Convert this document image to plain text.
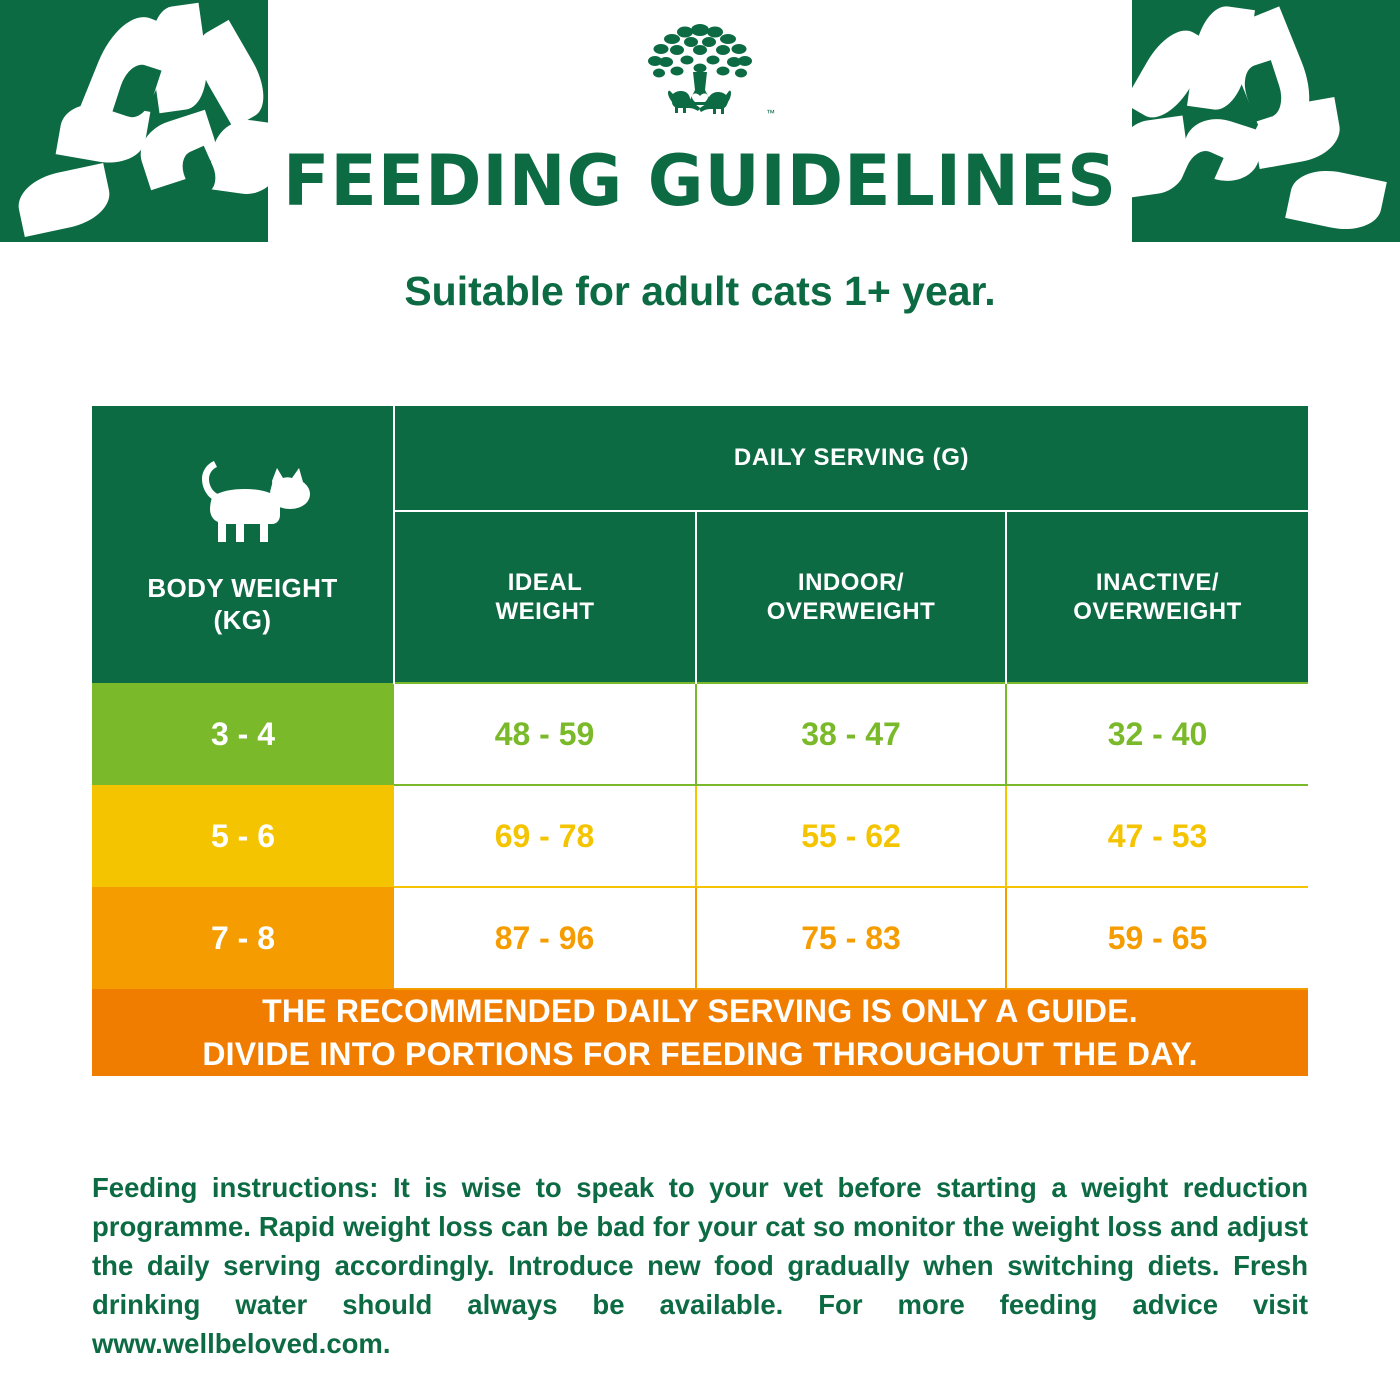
™
FEEDING GUIDELINES
Suitable for adult cats 1+ year.
BODY WEIGHT
(KG)	DAILY SERVING (G)		

IDEAL
WEIGHT

INDOOR/
OVERWEIGHT

INACTIVE/
OVERWEIGHT

3 - 4	48 - 59	38 - 47	32 - 40
5 - 6	69 - 78	55 - 62	47 - 53
7 - 8	87 - 96	75 - 83	59 - 65

THE RECOMMENDED DAILY SERVING IS ONLY A GUIDE.
DIVIDE INTO PORTIONS FOR FEEDING THROUGHOUT THE DAY.			
Feeding instructions: It is wise to speak to your vet before starting a weight reduction programme. Rapid weight loss can be bad for your cat so monitor the weight loss and adjust the daily serving accordingly. Introduce new food gradually when switching diets. Fresh drinking water should always be available. For more feeding advice visit www.wellbeloved.com.
